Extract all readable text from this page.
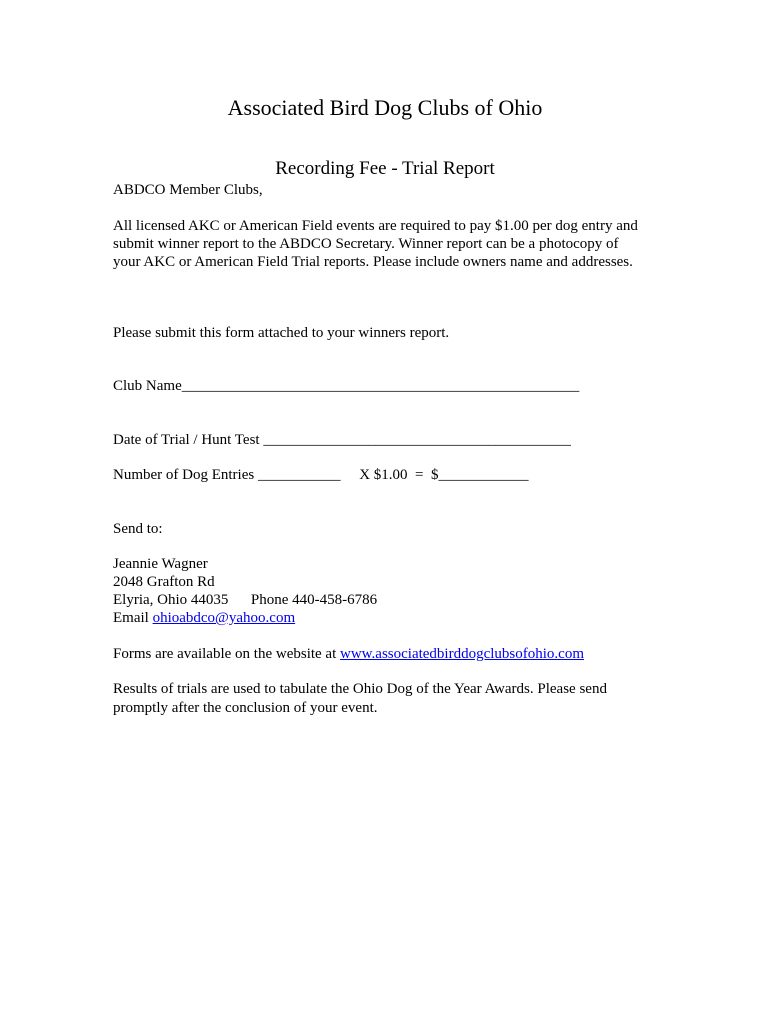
Associated Bird Dog Clubs of Ohio
Recording Fee - Trial Report
ABDCO Member Clubs,
All licensed AKC or American Field events are required to pay $1.00 per dog entry and
submit winner report to the ABDCO Secretary. Winner report can be a photocopy of
your AKC or American Field Trial reports. Please include owners name and addresses.
Please submit this form attached to your winners report.
Club Name_____________________________________________________
Date of Trial / Hunt Test _________________________________________
Number of Dog Entries ___________     X $1.00  =  $____________
Send to:
Jeannie Wagner
2048 Grafton Rd
Elyria, Ohio 44035      Phone 440-458-6786
Email ohioabdco@yahoo.com
Forms are available on the website at www.associatedbirddogclubsofohio.com
Results of trials are used to tabulate the Ohio Dog of the Year Awards. Please send
promptly after the conclusion of your event.
